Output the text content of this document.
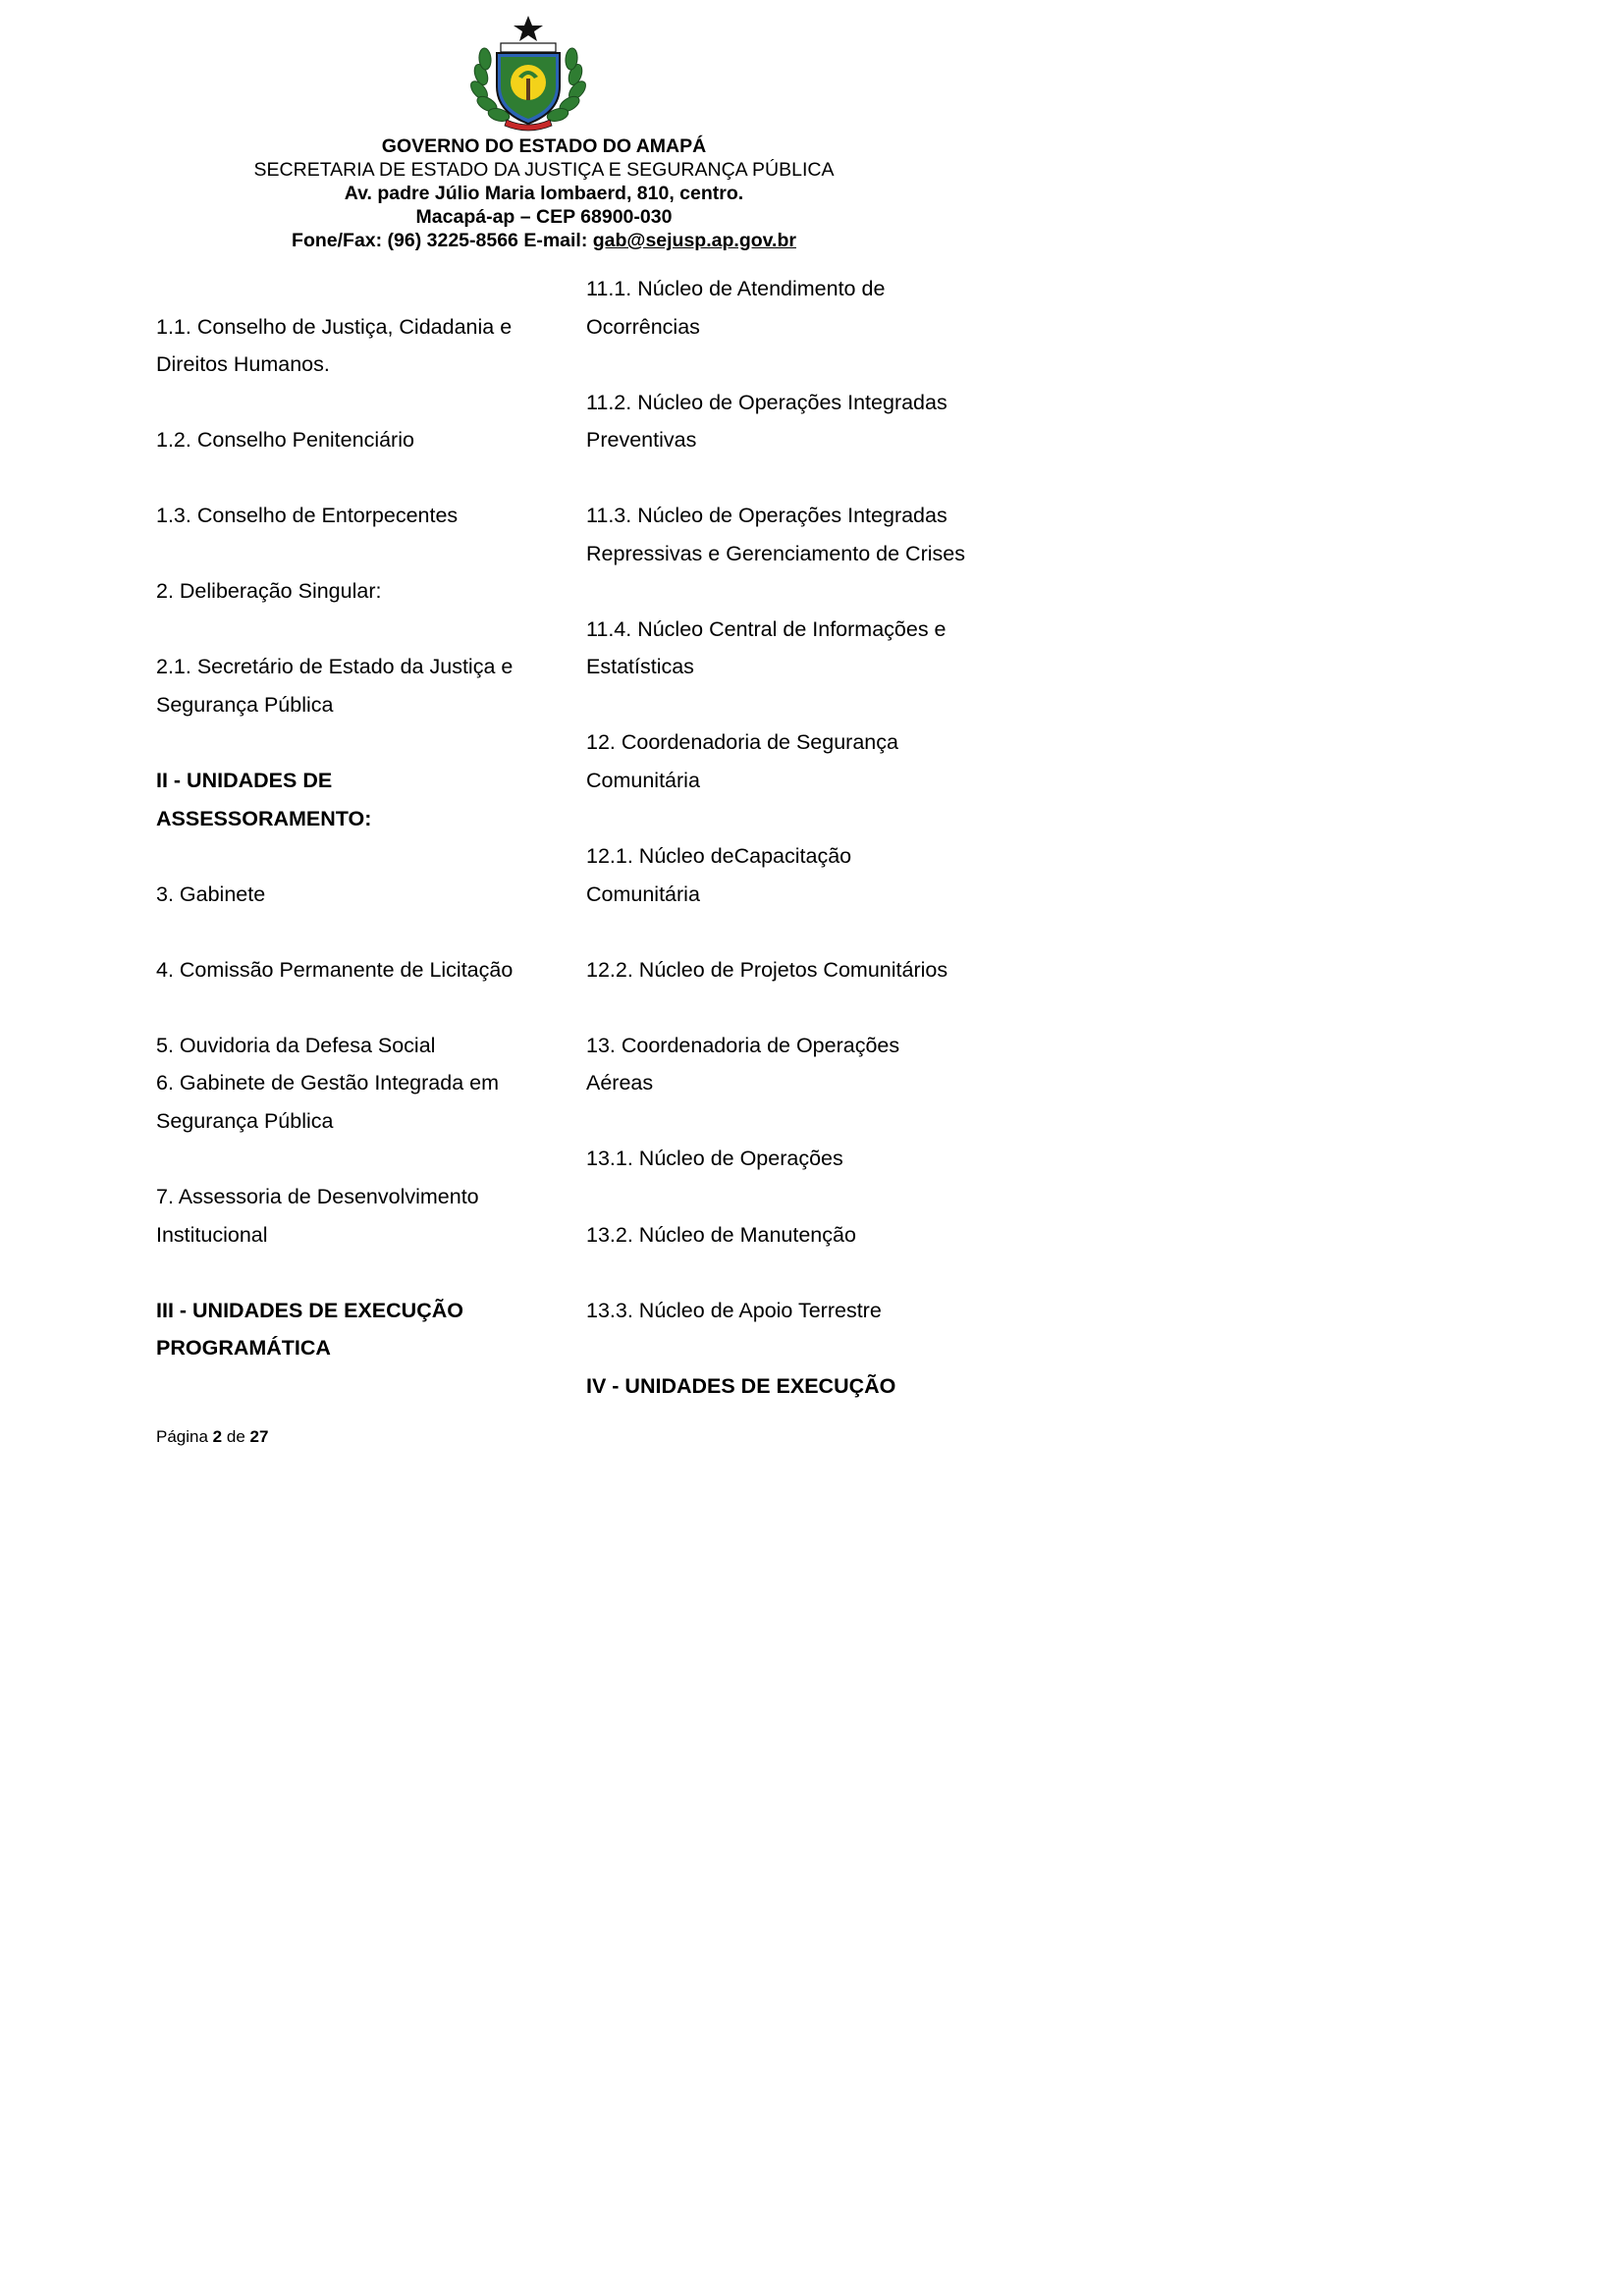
GOVERNO DO ESTADO DO AMAPÁ
SECRETARIA DE ESTADO DA JUSTIÇA E SEGURANÇA PÚBLICA
Av. padre Júlio Maria lombaerd, 810, centro.
Macapá-ap – CEP 68900-030
Fone/Fax: (96) 3225-8566 E-mail: gab@sejusp.ap.gov.br
1.1. Conselho de Justiça, Cidadania e
Direitos Humanos.
1.2. Conselho Penitenciário
1.3. Conselho de Entorpecentes
2. Deliberação Singular:
2.1. Secretário de Estado da Justiça e
Segurança Pública
II - UNIDADES DE
ASSESSORAMENTO:
3. Gabinete
4. Comissão Permanente de Licitação
5. Ouvidoria da Defesa Social
6. Gabinete de Gestão Integrada em
Segurança Pública
7. Assessoria de Desenvolvimento
Institucional
III - UNIDADES DE EXECUÇÃO
PROGRAMÁTICA
11.1. Núcleo de Atendimento de
Ocorrências
11.2. Núcleo de Operações Integradas
Preventivas
11.3. Núcleo de Operações Integradas
Repressivas e Gerenciamento de Crises
11.4. Núcleo Central de Informações e
Estatísticas
12. Coordenadoria de Segurança
Comunitária
12.1. Núcleo deCapacitação
Comunitária
12.2. Núcleo de Projetos Comunitários
13. Coordenadoria de Operações
Aéreas
13.1. Núcleo de Operações
13.2. Núcleo de Manutenção
13.3. Núcleo de Apoio Terrestre
IV - UNIDADES DE EXECUÇÃO
Página 2 de 27
